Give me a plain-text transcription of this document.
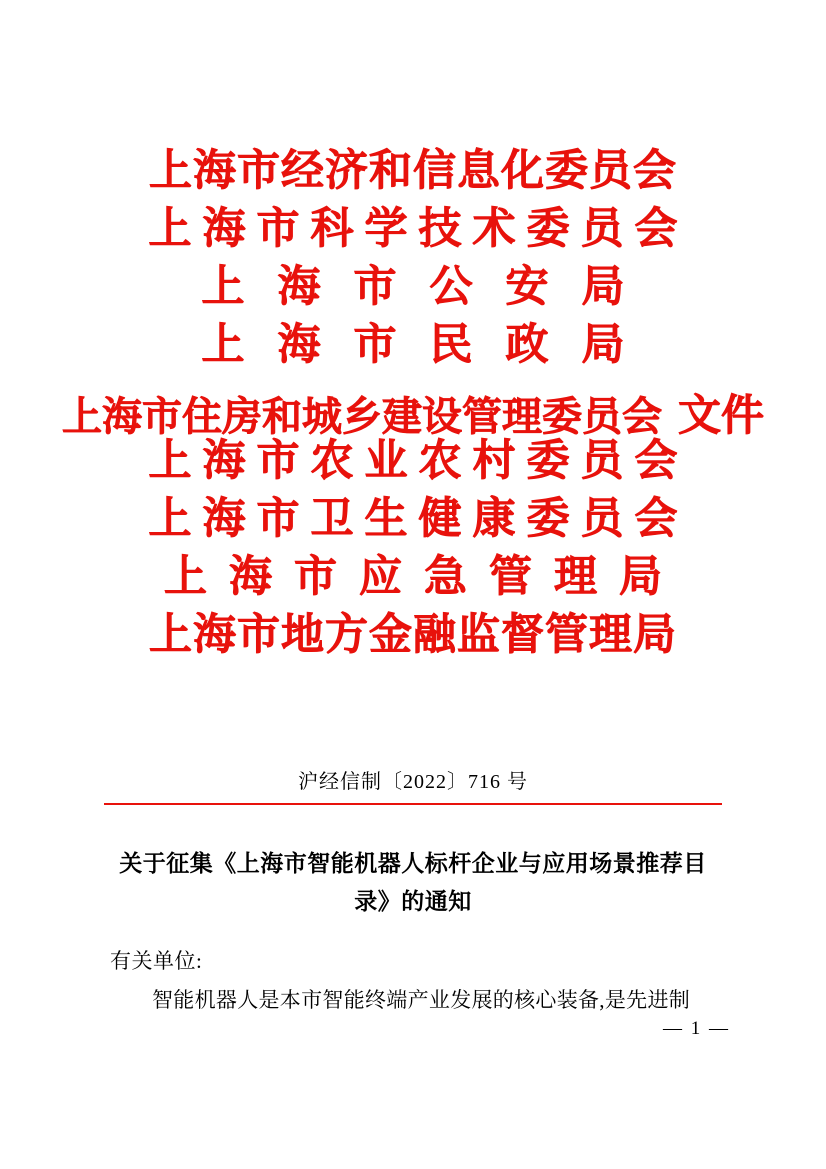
上海市经济和信息化委员会
上海市科学技术委员会
上海市公安局
上海市民政局
上海市住房和城乡建设管理委员会 文件
上海市农业农村委员会
上海市卫生健康委员会
上海市应急管理局
上海市地方金融监督管理局
沪经信制〔2022〕716 号
关于征集《上海市智能机器人标杆企业与应用场景推荐目录》的通知
有关单位:
智能机器人是本市智能终端产业发展的核心装备,是先进制
— 1 —
